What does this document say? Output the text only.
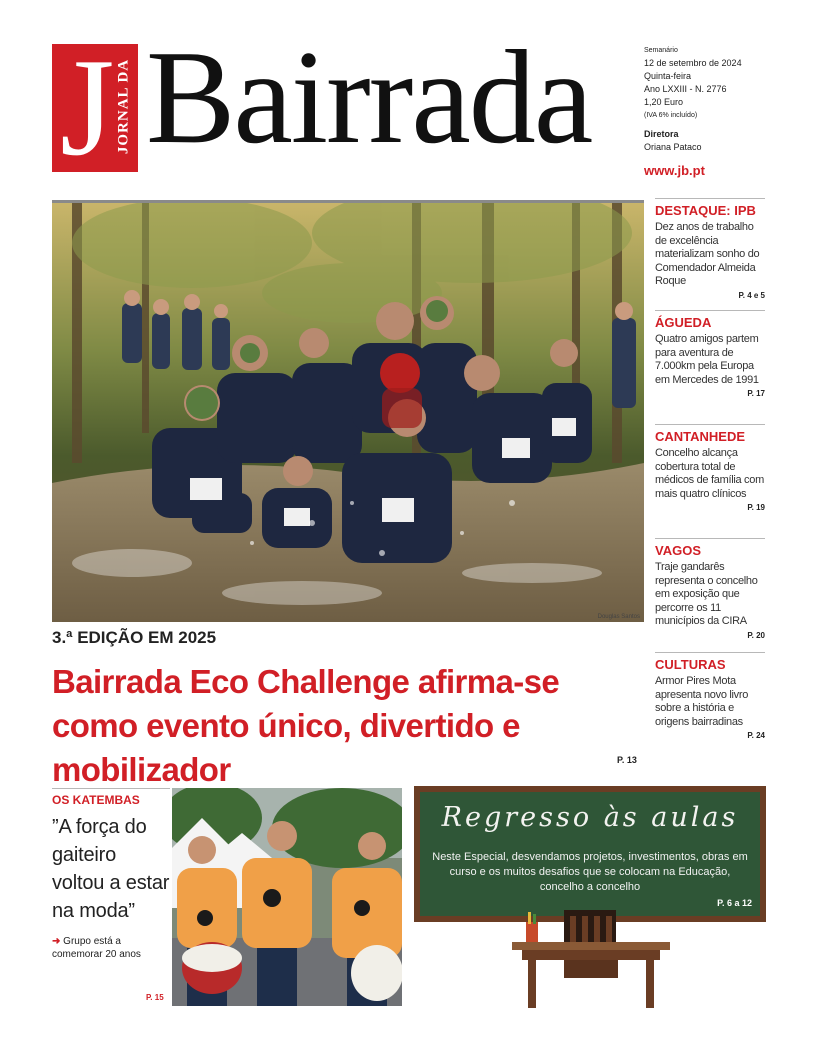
J JORNAL DA Bairrada	Semanário
12 de setembro de 2024
Quinta-feira
Ano LXXIII - N. 2776
1,20 Euro
(IVA 6% incluído)
Diretora
Oriana Pataco
www.jb.pt
Douglas Santos
3.ª EDIÇÃO EM 2025
Bairrada Eco Challenge afirma-se como evento único, divertido e mobilizador	P. 13
DESTAQUE: IPB
Dez anos de trabalho de excelência materializam sonho do Comendador Almeida Roque
P. 4 e 5
ÁGUEDA
Quatro amigos partem para aventura de 7.000km pela Europa em Mercedes de 1991
P. 17
CANTANHEDE
Concelho alcança cobertura total de médicos de família com mais quatro clínicos
P. 19
VAGOS
Traje gandarês representa o concelho em exposição que percorre os 11 municípios da CIRA
P. 20
CULTURAS
Armor Pires Mota apresenta novo livro sobre a história e origens bairradinas
P. 24
OS KATEMBAS
”A força do gaiteiro voltou a estar na moda”
➜ Grupo está a comemorar 20 anos
P. 15
Regresso às aulas
Neste Especial, desvendamos projetos, investimentos, obras em curso e os muitos desafios que se colocam na Educação, concelho a concelho
P. 6 a 12
